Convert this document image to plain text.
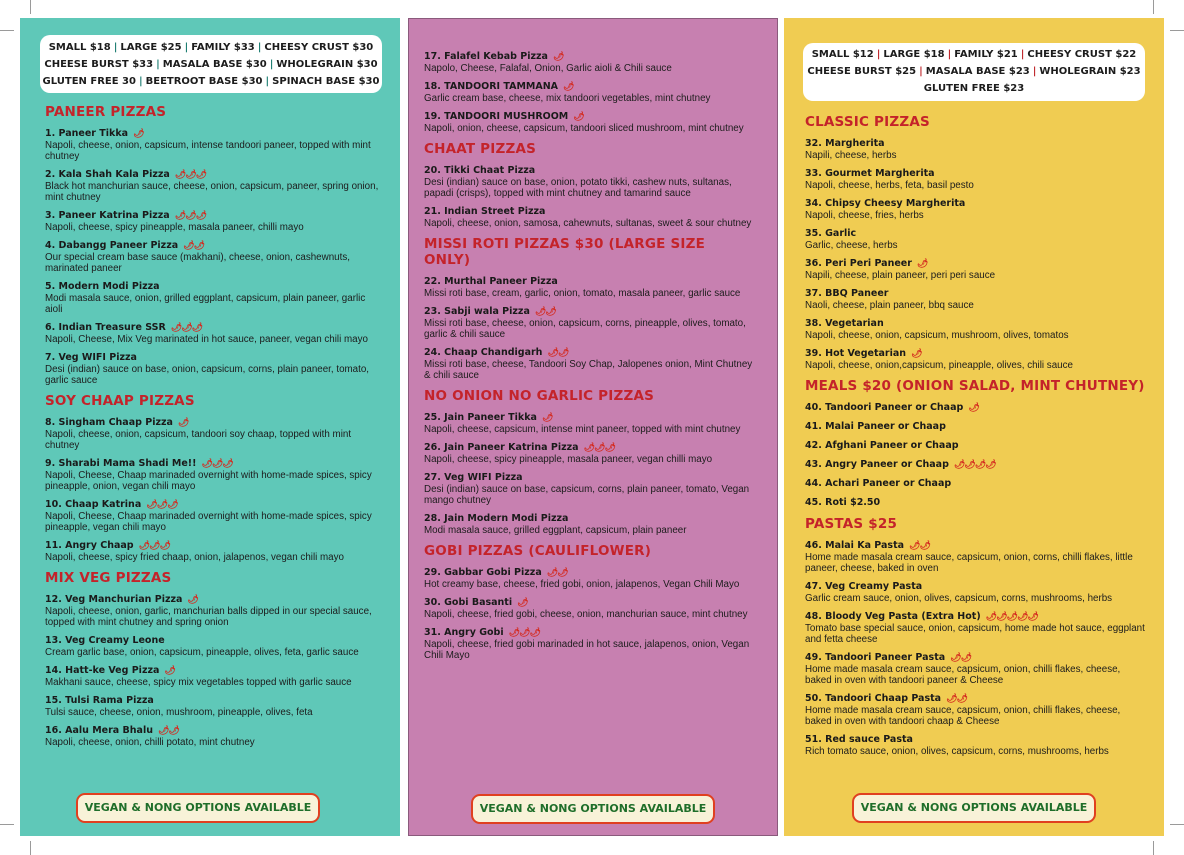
SMALL $18 | LARGE $25 | FAMILY $33 | CHEESY CRUST $30
CHEESE BURST $33 | MASALA BASE $30 | WHOLEGRAIN $30
GLUTEN FREE 30 | BEETROOT BASE $30 | SPINACH BASE $30
PANEER PIZZAS
1. Paneer Tikka 🌶
Napoli, cheese, onion, capsicum, intense tandoori paneer, topped with mint chutney
2. Kala Shah Kala Pizza 🌶🌶🌶
Black hot manchurian sauce, cheese, onion, capsicum, paneer, spring onion, mint chutney
3. Paneer Katrina Pizza 🌶🌶🌶
Napoli, cheese, spicy pineapple, masala paneer, chilli mayo
4. Dabangg Paneer Pizza 🌶🌶
Our special cream base sauce (makhani), cheese, onion, cashewnuts, marinated paneer
5. Modern Modi Pizza
Modi masala sauce, onion, grilled eggplant, capsicum, plain paneer, garlic aioli
6. Indian Treasure SSR 🌶🌶🌶
Napoli, Cheese, Mix Veg marinated in hot sauce, paneer, vegan chili mayo
7. Veg WIFI Pizza
Desi (indian) sauce on base, onion, capsicum, corns, plain paneer, tomato, garlic sauce
SOY CHAAP PIZZAS
8. Singham Chaap Pizza 🌶
Napoli, cheese, onion, capsicum, tandoori soy chaap, topped with mint chutney
9. Sharabi Mama Shadi Me!! 🌶🌶🌶
Napoli, Cheese, Chaap marinaded overnight with home-made spices, spicy pineapple, onion, vegan chili mayo
10. Chaap Katrina 🌶🌶🌶
Napoli, Cheese, Chaap marinaded overnight with home-made spices, spicy pineapple, vegan chili mayo
11. Angry Chaap 🌶🌶🌶
Napoli, cheese, spicy fried chaap, onion, jalapenos, vegan chili mayo
MIX VEG PIZZAS
12. Veg Manchurian Pizza 🌶
Napoli, cheese, onion, garlic, manchurian balls dipped in our special sauce, topped with mint chutney and spring onion
13. Veg Creamy Leone
Cream garlic base, onion, capsicum, pineapple, olives, feta, garlic sauce
14. Hatt-ke Veg Pizza 🌶
Makhani sauce, cheese, spicy mix vegetables topped with garlic sauce
15. Tulsi Rama Pizza
Tulsi sauce, cheese, onion, mushroom, pineapple, olives, feta
16. Aalu Mera Bhalu 🌶🌶
Napoli, cheese, onion, chilli potato, mint chutney
VEGAN & NONG OPTIONS AVAILABLE
17. Falafel Kebab Pizza 🌶
Napolo, Cheese, Falafal, Onion, Garlic aioli & Chili sauce
18. TANDOORI TAMMANA 🌶
Garlic cream base, cheese, mix tandoori vegetables, mint chutney
19. TANDOORI MUSHROOM 🌶
Napoli, onion, cheese, capsicum, tandoori sliced mushroom, mint chutney
CHAAT PIZZAS
20. Tikki Chaat Pizza
Desi (indian) sauce on base, onion, potato tikki, cashew nuts, sultanas, papadi (crisps), topped with mint chutney and tamarind sauce
21. Indian Street Pizza
Napoli, cheese, onion, samosa, cahewnuts, sultanas, sweet & sour chutney
MISSI ROTI PIZZAS $30 (LARGE SIZE ONLY)
22. Murthal Paneer Pizza
Missi roti base, cream, garlic, onion, tomato, masala paneer, garlic sauce
23. Sabji wala Pizza 🌶🌶
Missi roti base, cheese, onion, capsicum, corns, pineapple, olives, tomato, garlic & chili sauce
24. Chaap Chandigarh 🌶🌶
Missi roti base, cheese, Tandoori Soy Chap, Jalopenes onion, Mint Chutney & chili sauce
NO ONION NO GARLIC PIZZAS
25. Jain Paneer Tikka 🌶
Napoli, cheese, capsicum, intense mint paneer, topped with mint chutney
26. Jain Paneer Katrina Pizza 🌶🌶🌶
Napoli, cheese, spicy pineapple, masala paneer, vegan chilli mayo
27. Veg WIFI Pizza
Desi (indian) sauce on base, capsicum, corns, plain paneer, tomato, Vegan mango chutney
28. Jain Modern Modi Pizza
Modi masala sauce, grilled eggplant, capsicum, plain paneer
GOBI PIZZAS (CAULIFLOWER)
29. Gabbar Gobi Pizza 🌶🌶
Hot creamy base, cheese, fried gobi, onion, jalapenos, Vegan Chili Mayo
30. Gobi Basanti 🌶
Napoli, cheese, fried gobi, cheese, onion, manchurian sauce, mint chutney
31. Angry Gobi 🌶🌶🌶
Napoli, cheese, fried gobi marinaded in hot sauce, jalapenos, onion, Vegan Chili Mayo
VEGAN & NONG OPTIONS AVAILABLE
SMALL $12 | LARGE $18 | FAMILY $21 | CHEESY CRUST $22
CHEESE BURST $25 | MASALA BASE $23 | WHOLEGRAIN $23
GLUTEN FREE $23
CLASSIC PIZZAS
32. Margherita
Napili, cheese, herbs
33. Gourmet Margherita
Napoli, cheese, herbs, feta, basil pesto
34. Chipsy Cheesy Margherita
Napoli, cheese, fries, herbs
35. Garlic
Garlic, cheese, herbs
36. Peri Peri Paneer 🌶
Napili, cheese, plain paneer, peri peri sauce
37. BBQ Paneer
Naoli, cheese, plain paneer, bbq sauce
38. Vegetarian
Napoli, cheese, onion, capsicum, mushroom, olives, tomatos
39. Hot Vegetarian 🌶
Napoli, cheese, onion,capsicum, pineapple, olives, chili sauce
MEALS $20 (ONION SALAD, MINT CHUTNEY)
40. Tandoori Paneer or Chaap 🌶
41. Malai Paneer or Chaap
42. Afghani Paneer or Chaap
43. Angry Paneer or Chaap 🌶🌶🌶🌶
44. Achari Paneer or Chaap
45. Roti $2.50
PASTAS $25
46. Malai Ka Pasta 🌶🌶
Home made masala cream sauce, capsicum, onion, corns, chilli flakes, little paneer, cheese, baked in oven
47. Veg Creamy Pasta
Garlic cream sauce, onion, olives, capsicum, corns, mushrooms, herbs
48. Bloody Veg Pasta (Extra Hot) 🌶🌶🌶🌶🌶
Tomato base special sauce, onion, capsicum, home made hot sauce, eggplant and fetta cheese
49. Tandoori Paneer Pasta 🌶🌶
Home made masala cream sauce, capsicum, onion, chilli flakes, cheese, baked in oven with tandoori paneer & Cheese
50. Tandoori Chaap Pasta 🌶🌶
Home made masala cream sauce, capsicum, onion, chilli flakes, cheese, baked in oven with tandoori chaap & Cheese
51. Red sauce Pasta
Rich tomato sauce, onion, olives, capsicum, corns, mushrooms, herbs
VEGAN & NONG OPTIONS AVAILABLE
